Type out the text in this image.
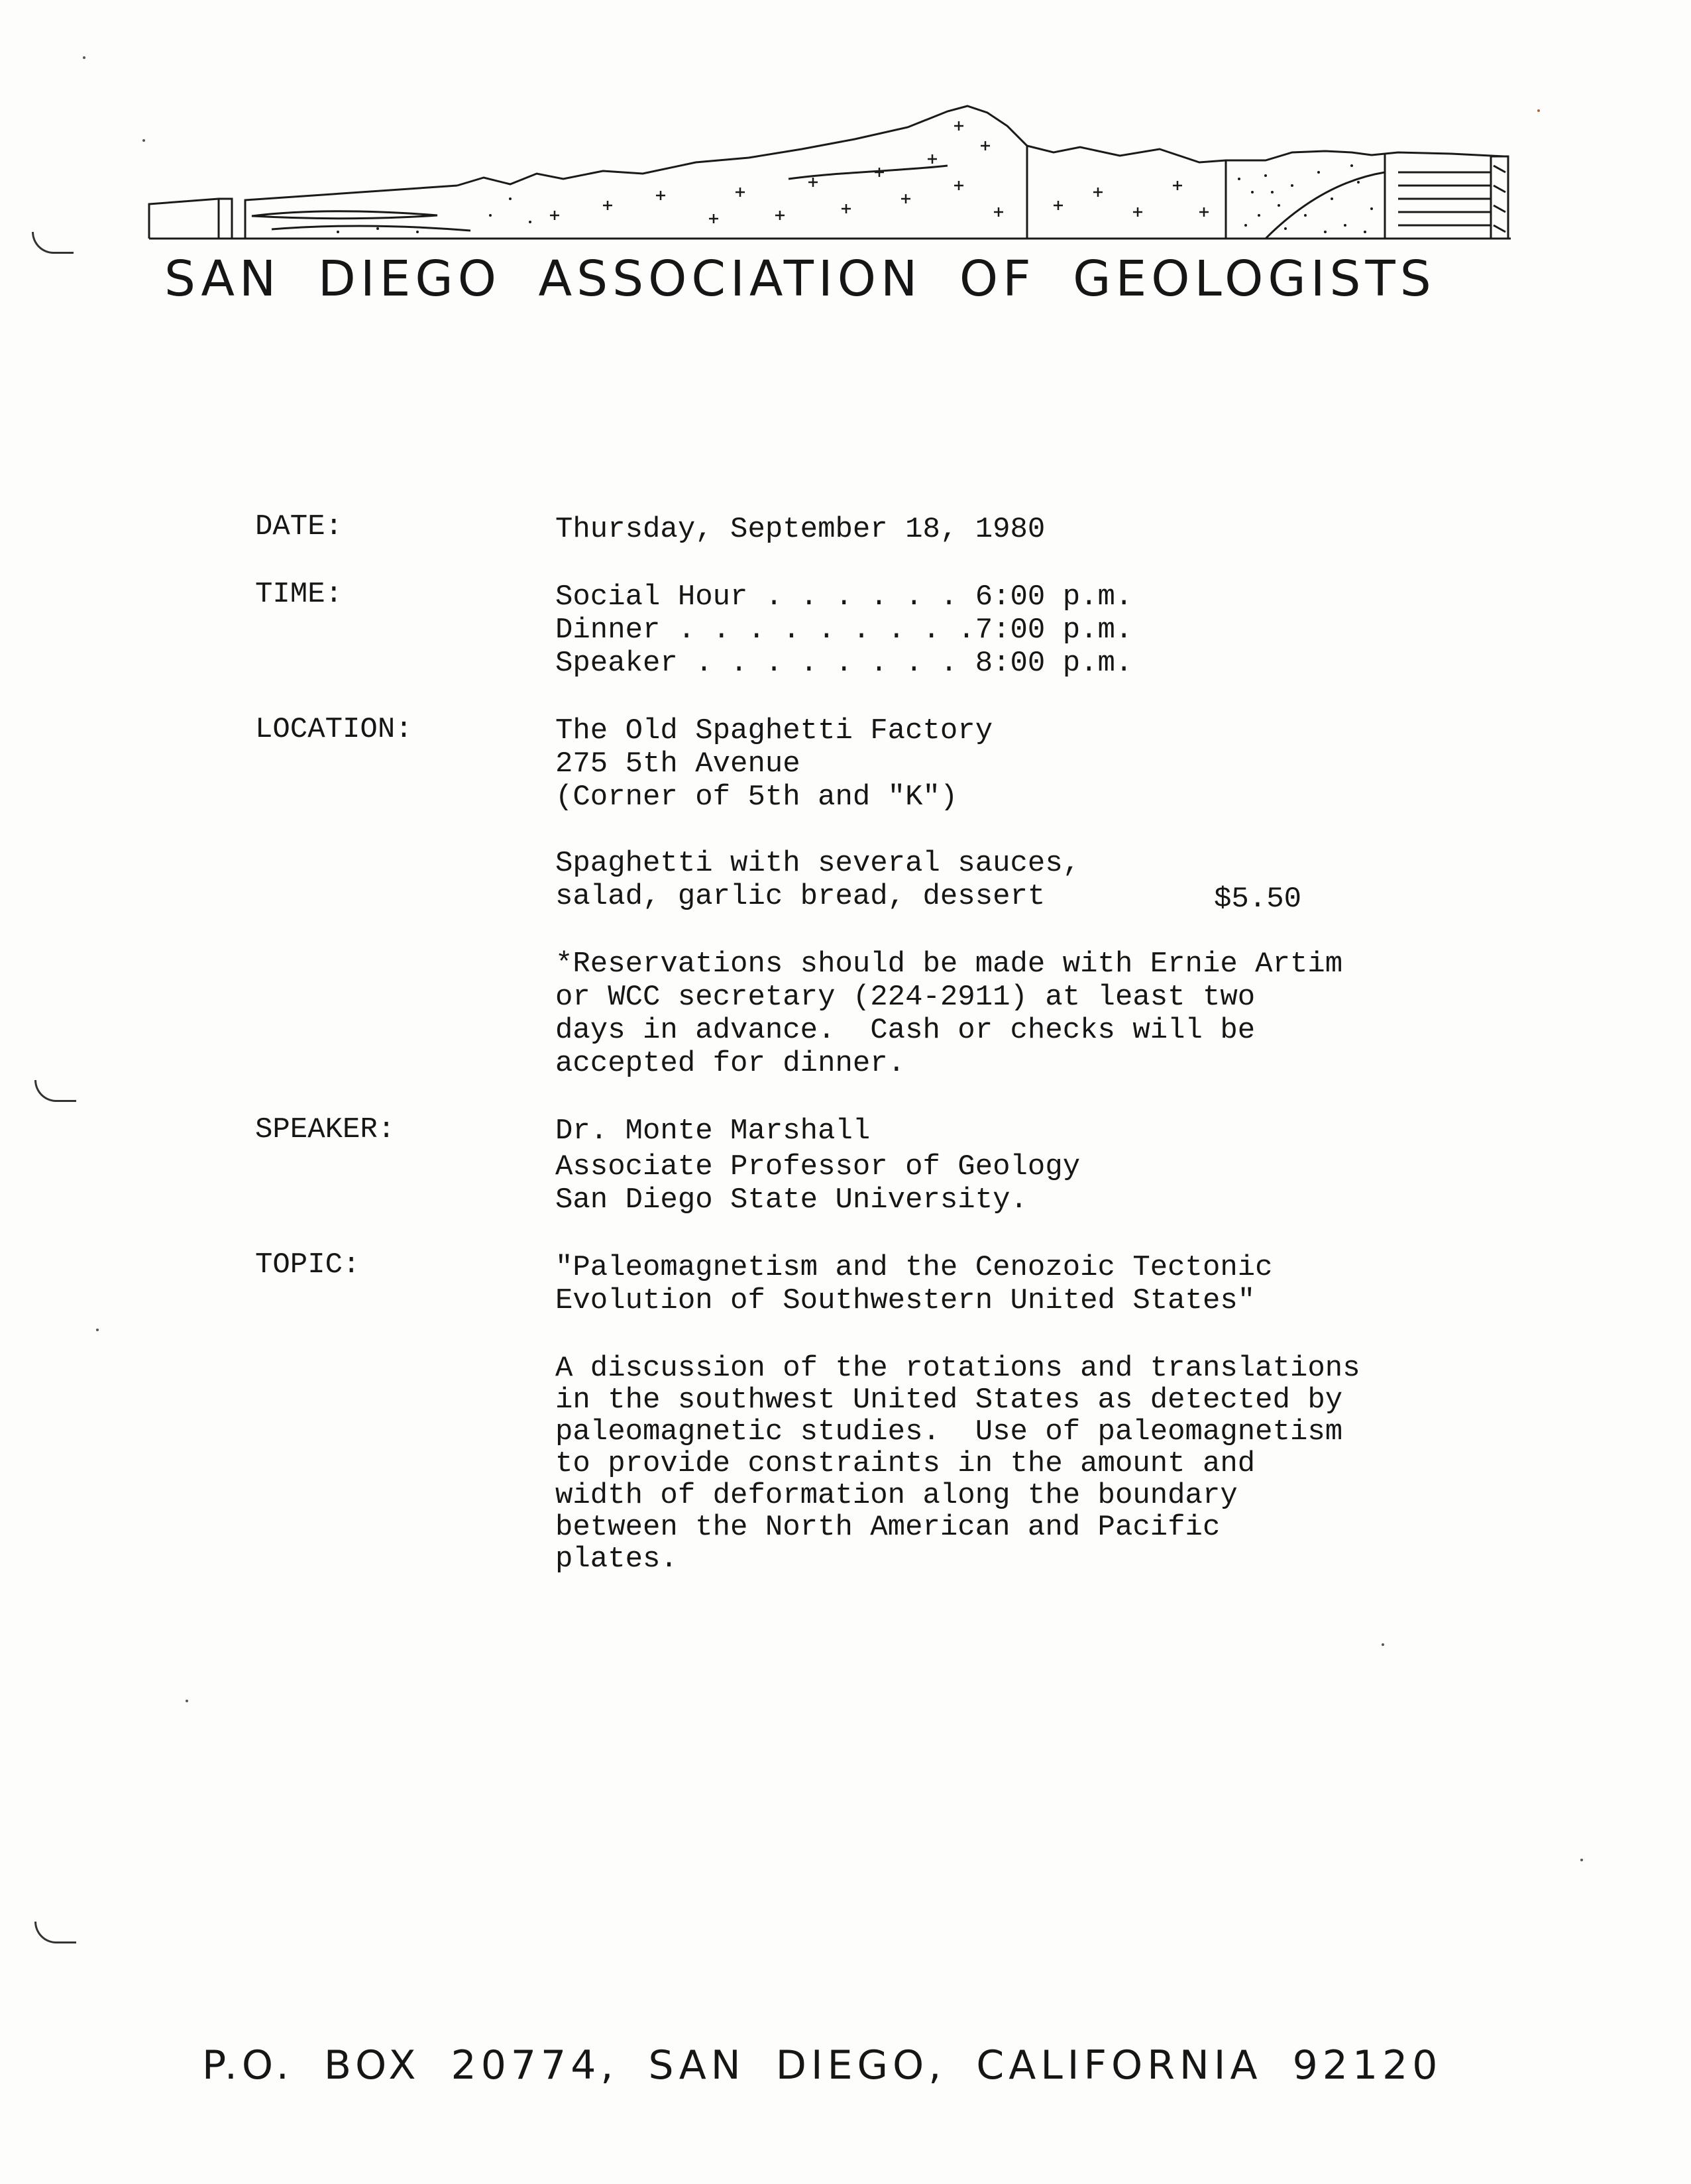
SAN DIEGO ASSOCIATION OF GEOLOGISTS
DATE:	Thursday, September 18, 1980
TIME:	Social Hour . . . . . . 6:00 p.m.
Dinner . . . . . . . . .7:00 p.m.
Speaker . . . . . . . . 8:00 p.m.
LOCATION:	The Old Spaghetti Factory
275 5th Avenue
(Corner of 5th and "K")
Spaghetti with several sauces,
salad, garlic bread, dessert	$5.50
*Reservations should be made with Ernie Artim
or WCC secretary (224-2911) at least two
days in advance.  Cash or checks will be
accepted for dinner.
SPEAKER:	Dr. Monte Marshall
Associate Professor of Geology
San Diego State University.
TOPIC:	"Paleomagnetism and the Cenozoic Tectonic
Evolution of Southwestern United States"
A discussion of the rotations and translations
in the southwest United States as detected by
paleomagnetic studies.  Use of paleomagnetism
to provide constraints in the amount and
width of deformation along the boundary
between the North American and Pacific
plates.
P.O. BOX 20774, SAN DIEGO, CALIFORNIA 92120
